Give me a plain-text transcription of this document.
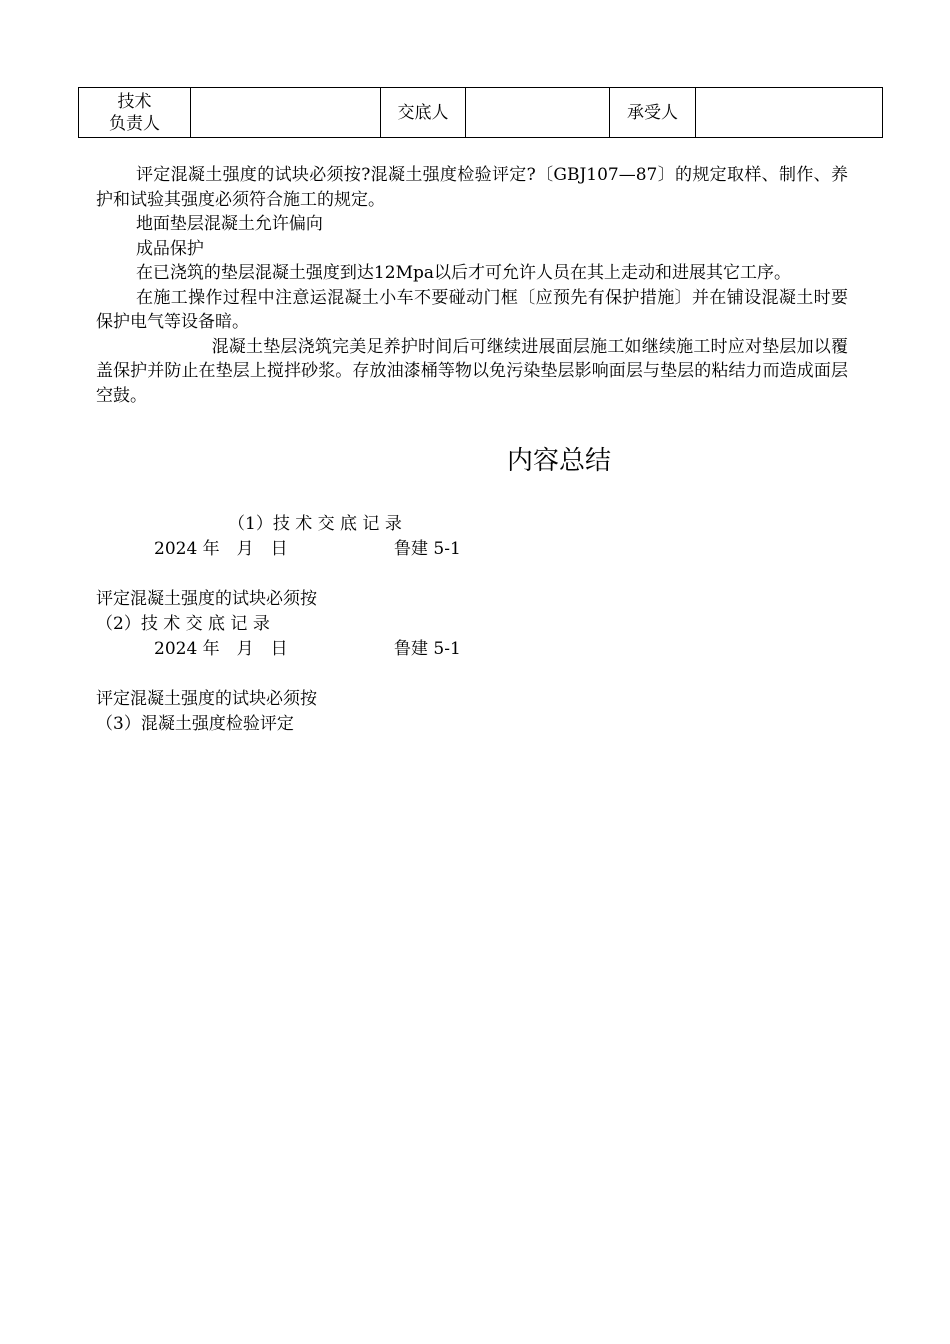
技术
负责人
		交底人		承受人	

评定混凝土强度的试块必须按?混凝土强度检验评定?〔GBJ107—87〕的规定取样、制作、养护和试验其强度必须符合施工的规定。

地面垫层混凝土允许偏向

成品保护

在已浇筑的垫层混凝土强度到达12Mpa以后才可允许人员在其上走动和进展其它工序。

在施工操作过程中注意运混凝土小车不要碰动门框〔应预先有保护措施〕并在铺设混凝土时要保护电气等设备暗。

混凝土垫层浇筑完美足养护时间后可继续进展面层施工如继续施工时应对垫层加以覆盖保护并防止在垫层上搅拌砂浆。存放油漆桶等物以免污染垫层影响面层与垫层的粘结力而造成面层空鼓。

内容总结

（1）技 术 交 底 记 录

2024 年　月　日	鲁建 5-1

评定混凝土强度的试块必须按

（2）技 术 交 底 记 录

2024 年　月　日	鲁建 5-1

评定混凝土强度的试块必须按

（3）混凝土强度检验评定
